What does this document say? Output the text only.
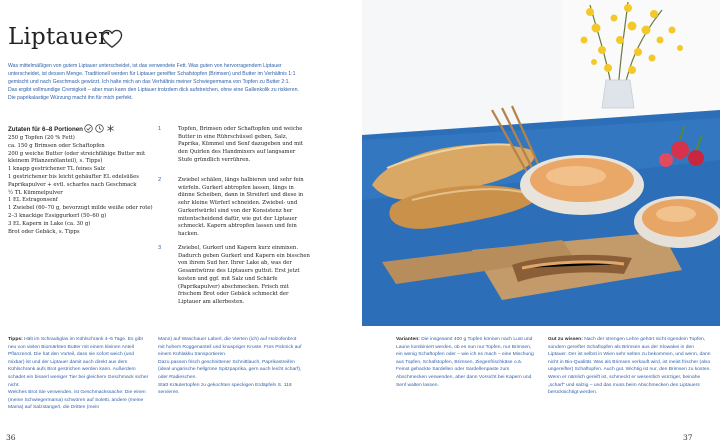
Liptauer
Was mittelmäßigen von gutem Liptauer unterscheidet, ist das verwendete Fett. Was guten von hervorragendem Liptauer unterscheidet, ist dessen Menge. Traditionell werden für Liptauer gereifter Schafstopfen (Brimsen) und Butter im Verhältnis 1:1 gemischt und nach Geschmack gewürzt. Ich halte mich an das Verhältnis meiner Schwiegermama von Topfen zu Butter 2:1. Das ergibt vollmundige Cremigkeit – aber man kann den Liptauer trotzdem dick aufstreichen, ohne eine Gallenkolik zu riskieren. Die paprikalastige Würzung macht ihn für mich perfekt.
Zutaten für 6–8 Portionen
250 g Topfen (20 % Fett)
ca. 150 g Brimsen oder Schaftopfen
200 g weiche Butter (oder streichfähige Butter mit
kleinem Pflanzenölanteil), s. Tipps)
1 knapp gestrichener TL feines Salz
1 gestrichener bis leicht gehäufter EL edelsüßes
Paprikapulver + evtl. scharfes nach Geschmack
½ TL Kümmelpulver
1 EL Estragonsenf
1 Zwiebel (60–70 g, bevorzugt milde weiße oder rote)
2–3 knackige Essiggurkerl (50–60 g)
3 EL Kapern in Lake (ca. 30 g)
Brot oder Gebäck, s. Tipps
1	Topfen, Brimsen oder Schaftopfen und weiche Butter in eine Rührschüssel geben, Salz, Paprika, Kümmel und Senf dazugeben und mit den Quirlen des Handmixers auf langsamer Stufe gründlich verrühren.
2	Zwiebel schälen, längs halbieren und sehr fein würfeln. Gurkerl abtropfen lassen, längs in dünne Scheiben, dann in Streiferl und diese in sehr kleine Würferl schneiden. Zwiebel- und Gurkerlwürfel sind von der Konsistenz her mitentscheidend dafür, wie gut der Liptauer schmeckt. Kapern abtropfen lassen und fein hacken.
3	Zwiebel, Gurkerl und Kapern kurz einmixen. Dadurch geben Gurkerl und Kapern ein bisschen von ihrem Sud her. Ihrer Lake ab, was der Gesamtwürze des Liptauers guttut. Erst jetzt kosten und ggf. mit Salz und Schärfe (Paprikapulver) abschmecken. Frisch mit frischem Brot oder Gebäck schmeckt der Liptauer am allerbesten.
Tipps: Hält im Schraubglas im Kühlschrank 4–5 Tage. Es gibt neu von vielen Biomärkten Butter mit einem kleinen Anteil Pflanzenöl. Die hat den Vorteil, dass sie sofort weich (und mixbar) ist und der Liptauer damit auch direkt aus dem Kühlschrank aufs Brot gestrichen werden kann. Außerdem schadet ein bisserl weniger Tier bei gleichem Geschmack sicher nicht.
Welches Brot Sie verwenden, ist Geschmackssache: Die einen (meine Schwiegermama) schwören auf Soletti, andere (meine Mama) auf Salzstangerl, die Dritten (mein
Mann) auf Waschauer Laberl, die Vierten (ich) auf Holzofenbrot mit hohem Roggenanteil und knuspriger Kruste. Fürs Picknick auf einem Kühlakku transportieren.
Dazu passen frisch geschnittener Schnittlauch, Paprikastreifen (ideal ungarische hellgrüne Spitzpaprika, gern auch leicht scharf), oder Radieschen.
Statt Kräutertopfen zu gekochten speckigen Erdäpfeln S. 118 servieren.
36
Varianten: Die insgesamt 400 g Topfen können nach Lust und Laune kombiniert werden, ob es nun nur Topfen, nur Brimsen, ein wenig Schaftopfen oder – wie ich es mach – eine Mischung aus Topfen, Schafstopfen, Brimsen, Ziegenfrischkäse o.ä.
Feinst gehackte Sardellen oder Sardellenpaste zum Abschmecken verwenden, aber dann Vorsicht bei Kapern und Senf walten lassen.
Gut zu wissen: Nach der strengen Lehre gehört nicht irgendein Topfen, sondern gereifter Schaftopfen als Brimsen aus der Slowakei in den Liptauer. Der ist selbst in Wien sehr selten zu bekommen, und wenn, dann nicht in Bio-Qualität. Was als Brimsen verkauft wird, ist meist frischer (also ungereifter) Schaftopfen. Auch gut. Wichtig ist nur, den Brimsen zu kosten. Wenn er nämlich gereift ist, schmeckt er wesentlich würziger, beinahe „scharf“ und salzig – und das muss beim Abschmecken des Liptauers berücksichtigt werden.
37
